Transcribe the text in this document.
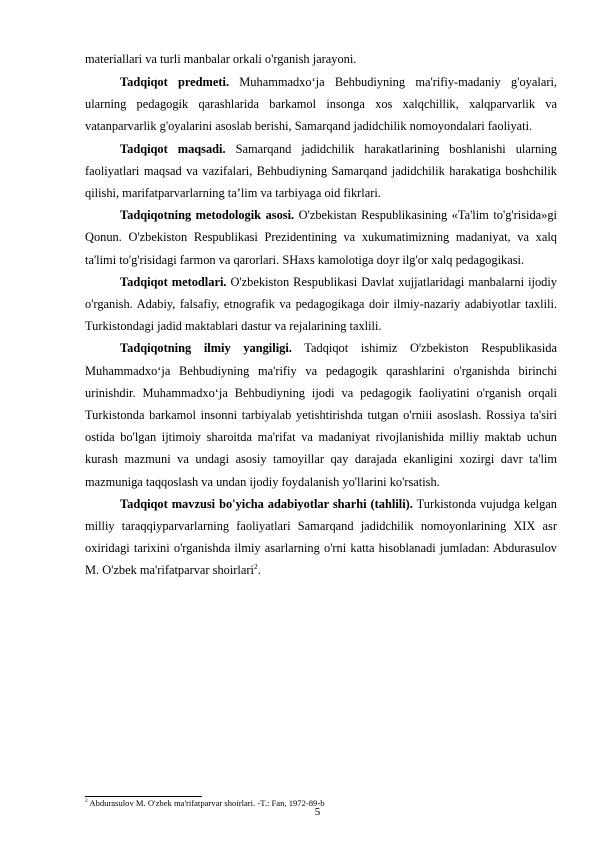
materiallari va turli manbalar orkali o'rganish jarayoni.

Tadqiqot predmeti. Muhammadxo‘ja Behbudiyning ma'rifiy-madaniy g'oyalari, ularning pedagogik qarashlarida barkamol insonga xos xalqchillik, xalqparvarlik va vatanparvarlik g'oyalarini asoslab berishi, Samarqand jadidchilik nomoyondalari faoliyati.

Tadqiqot maqsadi. Samarqand jadidchilik harakatlarining boshlanishi ularning faoliyatlari maqsad va vazifalari, Behbudiyning Samarqand jadidchilik harakatiga boshchilik qilishi, marifatparvarlarning ta’lim va tarbiyaga oid fikrlari.

Tadqiqotning metodologik asosi. O'zbekistan Respublikasining «Ta'lim to'g'risida»gi Qonun. O'zbekiston Respublikasi Prezidentining va xukumatimizning madaniyat, va xalq ta'limi to'g'risidagi farmon va qarorlari. SHaxs kamolotiga doyr ilg'or xalq pedagogikasi.

Tadqiqot metodlari. O'zbekiston Respublikasi Davlat xujjatlaridagi manbalarni ijodiy o'rganish. Adabiy, falsafiy, etnografik va pedagogikaga doir ilmiy-nazariy adabiyotlar taxlili. Turkistondagi jadid maktablari dastur va rejalarining taxlili.

Tadqiqotning ilmiy yangiligi. Tadqiqot ishimiz O'zbekiston Respublikasida Muhammadxo‘ja Behbudiyning ma'rifiy va pedagogik qarashlarini o'rganishda birinchi urinishdir. Muhammadxo‘ja Behbudiyning ijodi va pedagogik faoliyatini o'rganish orqali Turkistonda barkamol insonni tarbiyalab yetishtirishda tutgan o'rniii asoslash. Rossiya ta'siri ostida bo'lgan ijtimoiy sharoitda ma'rifat va madaniyat rivojlanishida milliy maktab uchun kurash mazmuni va undagi asosiy tamoyillar qay darajada ekanligini xozirgi davr ta'lim mazmuniga taqqoslash va undan ijodiy foydalanish yo'llarini ko'rsatish.

Tadqiqot mavzusi bo'yicha adabiyotlar sharhi (tahlili). Turkistonda vujudga kelgan milliy taraqqiyparvarlarning faoliyatlari Samarqand jadidchilik nomoyonlarining XIX asr oxiridagi tarixini o'rganishda ilmiy asarlarning o'rni katta hisoblanadi jumladan: Abdurasulov M. O'zbek ma'rifatparvar shoirlari$^2$.

$^2$ Abdurasulov M. O'zbek ma'rifatparvar shoirlari. -T.: Fan, 1972-89-b

5
